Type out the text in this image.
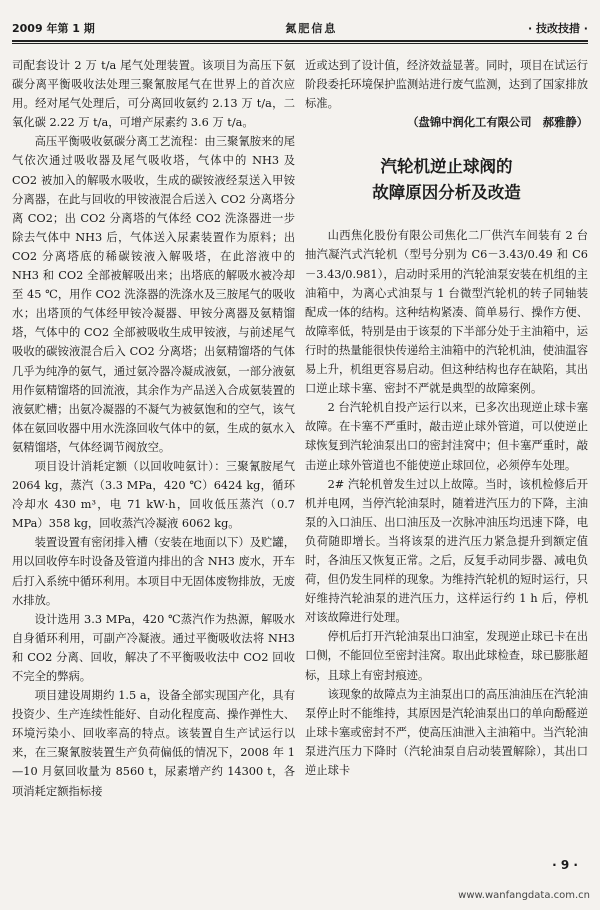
2009 年第 1 期	氮肥信息	· 技改技措 ·

司配套设计 2 万 t/a 尾气处理装置。该项目为高压下氨碳分离平衡吸收法处理三聚氰胺尾气在世界上的首次应用。经对尾气处理后，可分离回收氨约 2.13 万 t/a，二氧化碳 2.22 万 t/a，可增产尿素约 3.6 万 t/a。

高压平衡吸收氨碳分离工艺流程：由三聚氰胺来的尾气依次通过吸收器及尾气吸收塔，气体中的 NH3 及 CO2 被加入的解吸水吸收，生成的碳铵液经泵送入甲铵分离器，在此与回收的甲铵液混合后送入 CO2 分离塔分离 CO2；出 CO2 分离塔的气体经 CO2 洗涤器进一步除去气体中 NH3 后，气体送入尿素装置作为原料；出 CO2 分离塔底的稀碳铵液入解吸塔，在此溶液中的 NH3 和 CO2 全部被解吸出来；出塔底的解吸水被冷却至 45 ℃，用作 CO2 洗涤器的洗涤水及三胺尾气的吸收水；出塔顶的气体经甲铵冷凝器、甲铵分离器及氨精馏塔，气体中的 CO2 全部被吸收生成甲铵液，与前述尾气吸收的碳铵液混合后入 CO2 分离塔；出氨精馏塔的气体几乎为纯净的氨气，通过氨冷器冷凝成液氨，一部分液氨用作氨精馏塔的回流液，其余作为产品送入合成氨装置的液氨贮槽；出氨冷凝器的不凝气为被氨饱和的空气，该气体在氨回收器中用水洗涤回收气体中的氨，生成的氨水入氨精馏塔，气体经调节阀放空。

项目设计消耗定额（以回收吨氨计）：三聚氰胺尾气 2064 kg，蒸汽（3.3 MPa，420 ℃）6424 kg，循环冷却水 430 m³，电 71 kW·h，回收低压蒸汽（0.7 MPa）358 kg，回收蒸汽冷凝液 6062 kg。

装置设置有密闭排入槽（安装在地面以下）及贮罐，用以回收停车时设备及管道内排出的含 NH3 废水，开车后打入系统中循环利用。本项目中无固体废物排放，无废水排放。

设计选用 3.3 MPa，420 ℃蒸汽作为热源，解吸水自身循环利用，可副产冷凝液。通过平衡吸收法将 NH3 和 CO2 分离、回收，解决了不平衡吸收法中 CO2 回收不完全的弊病。

项目建设周期约 1.5 a，设备全部实现国产化，具有投资少、生产连续性能好、自动化程度高、操作弹性大、环境污染小、回收率高的特点。该装置自生产试运行以来，在三聚氰胺装置生产负荷偏低的情况下，2008 年 1—10 月氨回收量为 8560 t，尿素增产约 14300 t，各项消耗定额指标接

近或达到了设计值，经济效益显著。同时，项目在试运行阶段委托环境保护监测站进行废气监测，达到了国家排放标准。

（盘锦中润化工有限公司　郝雅静）

汽轮机逆止球阀的
故障原因分析及改造

山西焦化股份有限公司焦化二厂供汽车间装有 2 台抽汽凝汽式汽轮机（型号分别为 C6－3.43/0.49 和 C6－3.43/0.981），启动时采用的汽轮油泵安装在机组的主油箱中，为离心式油泵与 1 台微型汽轮机的转子同轴装配成一体的结构。这种结构紧凑、简单易行、操作方便、故障率低，特别是由于该泵的下半部分处于主油箱中，运行时的热量能很快传递给主油箱中的汽轮机油，使油温容易上升，机组更容易启动。但这种结构也存在缺陷，其出口逆止球卡塞、密封不严就是典型的故障案例。

2 台汽轮机自投产运行以来，已多次出现逆止球卡塞故障。在卡塞不严重时，敲击逆止球外管道，可以使逆止球恢复到汽轮油泵出口的密封洼窝中；但卡塞严重时，敲击逆止球外管道也不能使逆止球回位，必须停车处理。

2# 汽轮机曾发生过以上故障。当时，该机检修后开机并电网，当停汽轮油泵时，随着进汽压力的下降，主油泵的入口油压、出口油压及一次脉冲油压均迅速下降，电负荷随即增长。当将该泵的进汽压力紧急提升到额定值时，各油压又恢复正常。之后，反复手动同步器、减电负荷，但仍发生同样的现象。为维持汽轮机的短时运行，只好维持汽轮油泵的进汽压力，这样运行约 1 h 后，停机对该故障进行处理。

停机后打开汽轮油泵出口油室，发现逆止球已卡在出口侧，不能回位至密封洼窝。取出此球检查，球已膨胀超标，且球上有密封痕迹。

该现象的故障点为主油泵出口的高压油油压在汽轮油泵停止时不能维持，其原因是汽轮油泵出口的单向酚醛逆止球卡塞或密封不严，使高压油泄入主油箱中。当汽轮油泵进汽压力下降时（汽轮油泵自启动装置解除），其出口逆止球卡

· 9 ·
www.wanfangdata.com.cn
